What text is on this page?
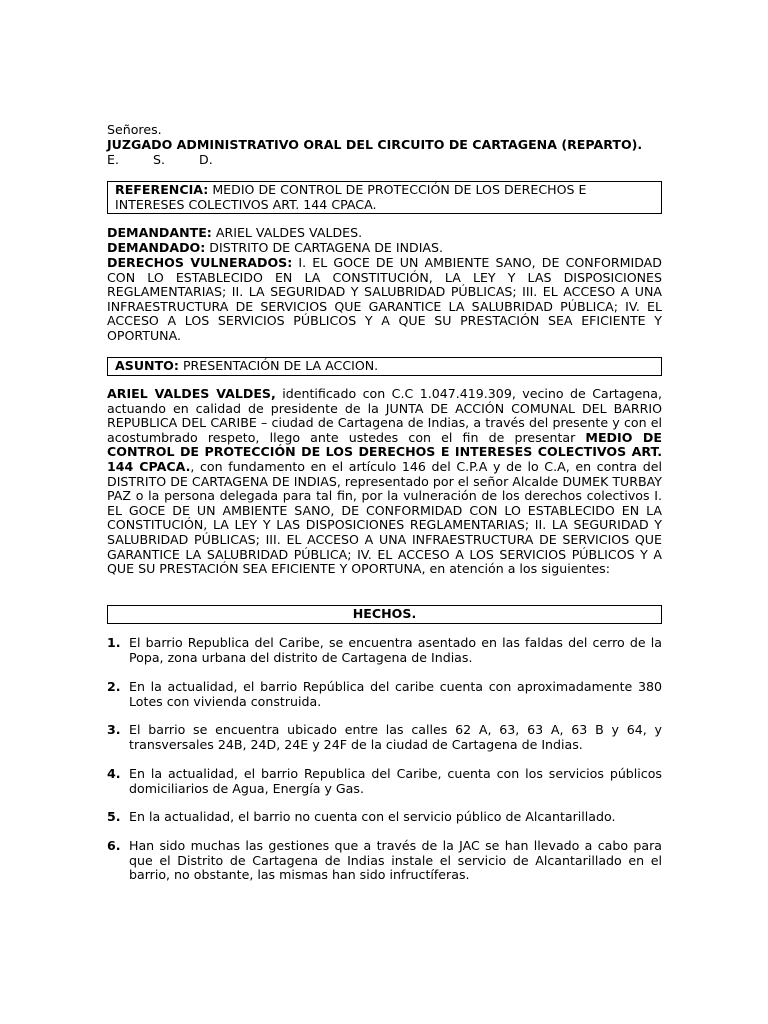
Señores.
JUZGADO ADMINISTRATIVO ORAL DEL CIRCUITO DE CARTAGENA (REPARTO).
E.	S.	D.
REFERENCIA: MEDIO DE CONTROL DE PROTECCIÓN DE LOS DERECHOS E INTERESES COLECTIVOS ART. 144 CPACA.
DEMANDANTE: ARIEL VALDES VALDES.
DEMANDADO: DISTRITO DE CARTAGENA DE INDIAS.
DERECHOS VULNERADOS: I. EL GOCE DE UN AMBIENTE SANO, DE CONFORMIDAD CON LO ESTABLECIDO EN LA CONSTITUCIÓN, LA LEY Y LAS DISPOSICIONES REGLAMENTARIAS; II. LA SEGURIDAD Y SALUBRIDAD PÚBLICAS; III. EL ACCESO A UNA INFRAESTRUCTURA DE SERVICIOS QUE GARANTICE LA SALUBRIDAD PÚBLICA; IV. EL ACCESO A LOS SERVICIOS PÚBLICOS Y A QUE SU PRESTACIÓN SEA EFICIENTE Y OPORTUNA.
ASUNTO: PRESENTACIÓN DE LA ACCION.
ARIEL VALDES VALDES, identificado con C.C 1.047.419.309, vecino de Cartagena, actuando en calidad de presidente de la JUNTA DE ACCIÓN COMUNAL DEL BARRIO REPUBLICA DEL CARIBE – ciudad de Cartagena de Indias, a través del presente y con el acostumbrado respeto, llego ante ustedes con el fin de presentar MEDIO DE CONTROL DE PROTECCIÓN DE LOS DERECHOS E INTERESES COLECTIVOS ART. 144 CPACA., con fundamento en el artículo 146 del C.P.A y de lo C.A, en contra del DISTRITO DE CARTAGENA DE INDIAS, representado por el señor Alcalde DUMEK TURBAY PAZ o la persona delegada para tal fin, por la vulneración de los derechos colectivos I. EL GOCE DE UN AMBIENTE SANO, DE CONFORMIDAD CON LO ESTABLECIDO EN LA CONSTITUCIÓN, LA LEY Y LAS DISPOSICIONES REGLAMENTARIAS; II. LA SEGURIDAD Y SALUBRIDAD PÚBLICAS; III. EL ACCESO A UNA INFRAESTRUCTURA DE SERVICIOS QUE GARANTICE LA SALUBRIDAD PÚBLICA; IV. EL ACCESO A LOS SERVICIOS PÚBLICOS Y A QUE SU PRESTACIÓN SEA EFICIENTE Y OPORTUNA, en atención a los siguientes:
HECHOS.
1. El barrio Republica del Caribe, se encuentra asentado en las faldas del cerro de la Popa, zona urbana del distrito de Cartagena de Indias.
2. En la actualidad, el barrio República del caribe cuenta con aproximadamente 380 Lotes con vivienda construida.
3. El barrio se encuentra ubicado entre las calles 62 A, 63, 63 A, 63 B y 64, y transversales 24B, 24D, 24E y 24F de la ciudad de Cartagena de Indias.
4. En la actualidad, el barrio Republica del Caribe, cuenta con los servicios públicos domiciliarios de Agua, Energía y Gas.
5. En la actualidad, el barrio no cuenta con el servicio público de Alcantarillado.
6. Han sido muchas las gestiones que a través de la JAC se han llevado a cabo para que el Distrito de Cartagena de Indias instale el servicio de Alcantarillado en el barrio, no obstante, las mismas han sido infructíferas.
